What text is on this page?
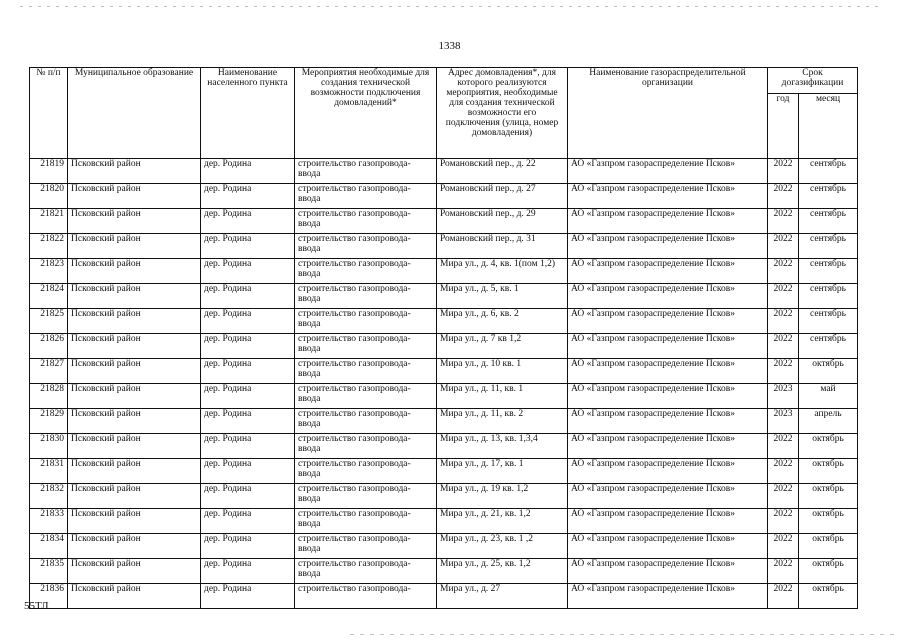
1338
№ п/п	Муниципальное образование	Наименование населенного пункта	Мероприятия необходимые для создания технической возможности подключения домовладений*	Адрес домовладения*, для которого реализуются мероприятия, необходимые для создания технической возможности его подключения (улица, номер домовладения)	Наименование газораспределительной организации	Срок догазификации	
						год	месяц
21819	Псковский район	дер. Родина	строительство газопровода-ввода	Романовский пер., д. 22	АО «Газпром газораспределение Псков»	2022	сентябрь
21820	Псковский район	дер. Родина	строительство газопровода-ввода	Романовский пер., д. 27	АО «Газпром газораспределение Псков»	2022	сентябрь
21821	Псковский район	дер. Родина	строительство газопровода-ввода	Романовский пер., д. 29	АО «Газпром газораспределение Псков»	2022	сентябрь
21822	Псковский район	дер. Родина	строительство газопровода-ввода	Романовский пер., д. 31	АО «Газпром газораспределение Псков»	2022	сентябрь
21823	Псковский район	дер. Родина	строительство газопровода-ввода	Мира ул., д. 4, кв. 1(пом 1,2)	АО «Газпром газораспределение Псков»	2022	сентябрь
21824	Псковский район	дер. Родина	строительство газопровода-ввода	Мира ул., д. 5, кв. 1	АО «Газпром газораспределение Псков»	2022	сентябрь
21825	Псковский район	дер. Родина	строительство газопровода-ввода	Мира ул., д. 6, кв. 2	АО «Газпром газораспределение Псков»	2022	сентябрь
21826	Псковский район	дер. Родина	строительство газопровода-ввода	Мира ул., д. 7 кв 1,2	АО «Газпром газораспределение Псков»	2022	сентябрь
21827	Псковский район	дер. Родина	строительство газопровода-ввода	Мира ул., д. 10 кв. 1	АО «Газпром газораспределение Псков»	2022	октябрь
21828	Псковский район	дер. Родина	строительство газопровода-ввода	Мира ул., д. 11, кв. 1	АО «Газпром газораспределение Псков»	2023	май
21829	Псковский район	дер. Родина	строительство газопровода-ввода	Мира ул., д. 11, кв. 2	АО «Газпром газораспределение Псков»	2023	апрель
21830	Псковский район	дер. Родина	строительство газопровода-ввода	Мира ул., д. 13, кв. 1,3,4	АО «Газпром газораспределение Псков»	2022	октябрь
21831	Псковский район	дер. Родина	строительство газопровода-ввода	Мира ул., д. 17, кв. 1	АО «Газпром газораспределение Псков»	2022	октябрь
21832	Псковский район	дер. Родина	строительство газопровода-ввода	Мира ул., д. 19 кв. 1,2	АО «Газпром газораспределение Псков»	2022	октябрь
21833	Псковский район	дер. Родина	строительство газопровода-ввода	Мира ул., д. 21, кв. 1,2	АО «Газпром газораспределение Псков»	2022	октябрь
21834	Псковский район	дер. Родина	строительство газопровода-ввода	Мира ул., д. 23, кв. 1 ,2	АО «Газпром газораспределение Псков»	2022	октябрь
21835	Псковский район	дер. Родина	строительство газопровода-ввода	Мира ул., д. 25, кв. 1,2	АО «Газпром газораспределение Псков»	2022	октябрь
21836	Псковский район	дер. Родина	строительство газопровода-	Мира ул., д. 27	АО «Газпром газораспределение Псков»	2022	октябрь
55ТЛ
